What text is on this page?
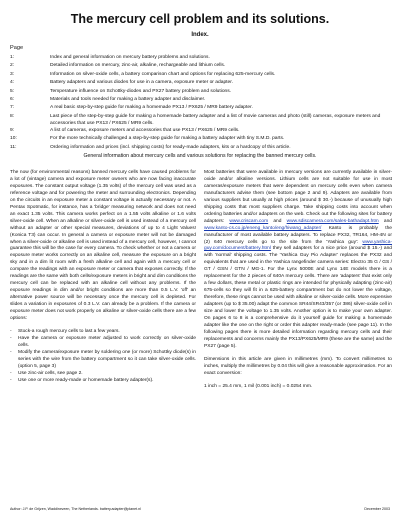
The mercury cell problem and its solutions.
Index.
Page
1:	Index and general information on mercury battery problems and solutions.
2:	Detailed information on mercury, zinc-air, alkaline, rechargeable and lithium cells.
3:	Information on silver-oxide cells, a battery comparison chart and options for replacing 625-mercury cells.
4:	Battery adapters and various diodes for use in a camera, exposure meter or adapter.
5:	Temperature influence on Schottky-diodes and PX27 battery problem and solutions.
6:	Materials and tools needed for making a battery adapter and disclaimer.
7:	A real basic step-by-step guide for making a homemade PX13 / PX625 / MR9 battery adapter.
8:	Last piece of the step-by-step guide for making a homemade battery adapter and a list of movie cameras and photo (still) cameras, exposure meters and accessories that use PX13 / PX625 / MR9 cells.
9:	A list of cameras, exposure meters and accessories that use PX13 / PX625 / MR9 cells.
10:	For the more technically challenged a step-by-step guide for making a battery adapter with tiny S.M.D. parts.
11:	Ordering information and prices (incl. shipping costs) for ready-made adapters, kits or a hardcopy of this article.
General information about mercury cells and various solutions for replacing the banned mercury cells.

The now (for environmental reasons) banned mercury cells have caused problems for a lot of (vintage) camera and exposure meter owners who are now facing inaccurate exposures. The constant output voltage (1.35 volts) of the mercury cell was used as a reference voltage and for powering the meter and surrounding electronics. Depending on the circuits in an exposure meter a constant voltage is actually necessary or not. A Pentax Spotmatic, for instance, has a 'bridge' measuring network and does not need an exact 1.35 volts. This camera works perfect on a 1.55 volts alkaline or 1.6 volts silver-oxide cell. When an alkaline or silver-oxide cell is used instead of a mercury cell without an adapter or other special measures, deviations of up to 4 Light Values! (Konica T3) can occur. In general a camera or exposure meter will not be damaged when a silver-oxide or alkaline cell is used instead of a mercury cell, however, I cannot guarantee this will be the case for every camera. To check whether or not a camera or exposure meter works correctly on an alkaline cell, measure the exposure on a bright sky and in a dim lit room with a fresh alkaline cell and again with a mercury cell or compare the readings with an exposure meter or camera that exposes correctly. If the readings are the same with both cells/exposure meters in bright and dim conditions the mercury cell can be replaced with an alkaline cell without any problems. If the exposure readings in dim and/or bright conditions are more than 0.5 L.V. 'off' an alternative power source will be necessary once the mercury cell is depleted. For slides a variation in exposures of 0.3 L.V. can already be a problem. If the camera or exposure meter does not work properly on alkaline or silver-oxide cells there are a few options:

-	Stock-a rough mercury cells to last a few years.
-	Have the camera or exposure meter adjusted to work correctly on silver-oxide cells.
-	Modify the camera/exposure meter by soldering one (or more) Schottky diode(s) in series with the wire from the battery compartment so it can take silver-oxide cells. (option 5, page 3)
-	Use zinc-air cells, see page 2.
-	Use one or more ready-made or homemade battery adapter(s).

Most batteries that were available in mercury versions are currently available in silver-oxide and/or alkaline versions. Lithium cells are not suitable for use in most cameras/exposure meters that were dependent on mercury cells even when camera manufacturers advise them (see bottom page 2 and 9). Adapters are available from various suppliers but usually at high prices (around $ 30.-) because of unusually high shipping costs that most suppliers charge. Take shipping costs into account when ordering batteries and/or adapters on the web. Check out the following sites for battery adapters: www.criscam.com and www.sdiscamera.com/sales-bathadapt.htm and www.kanto-cs.co.jp/eneng_kanto/eng/hiwang_adapter/ Kanto is probably the manufacturer of most available battery adapters. To replace PX32, TR164, HM-4N or (2) 640 mercury cells go to the site from the 'Yashica guy': www.yashica-guy.com/document/battery.html they sell adapters for a nice price (around $ 15.-) and with 'normal' shipping costs. The 'Yashica Guy Pio Adapter' replaces the PX32 and equivalents that are used in the Yashica rangefinder camera series: Electro 35 G / GS / GT / GSN / GTN / MG-1. For the Lynx 5000E and Lynx 14E models there is a replacement for the 2 pieces of 640A mercury cells. There are 'adapters' that exist only a few dollars, these metal or plastic rings are intended for physically adapting (zinc-air) 675-cells so they will fit in a 625-battery compartment but do not lower the voltage, therefore, these rings cannot be used with alkaline or silver-oxide cells. More expensive adapters (up to $ 35.00) adapt the common SR44/SR43/357 (or 386) silver-oxide cell in size and lower the voltage to 1.35 volts. Another option is to make your own adapter. On pages 6 to 8 is a comprehensive do it yourself guide for making a homemade adapter like the one on the right or order this adapter ready-made (see page 11). In the following pages there is more detailed information regarding mercury cells and their replacements and concerns mainly the PX13/PX625/MR9 (these are the same) and the PX27 (page 5).

Dimensions in this article are given in millimetres (mm). To convert millimetres to inches, multiply the millimetres by 0.04 this will give a reasonable approximation. For an exact conversion:

1 inch = 25.4 mm, 1 mil (0.001 inch) = 0.0254 mm.
Author: J.P. de Grijzen, Waddinxveen, The Netherlands. battery.adapter@planet.nl	December 2003
